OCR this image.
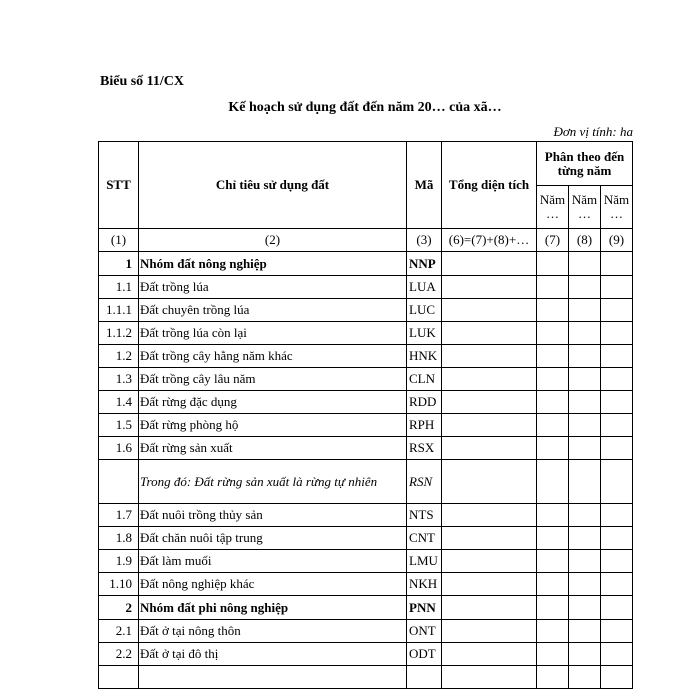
Biểu số 11/CX
Kế hoạch sử dụng đất đến năm 20… của xã…
Đơn vị tính: ha
STT	Chỉ tiêu sử dụng đất	Mã	Tổng diện tích	Phân theo đến từng năm		
				Năm …	Năm …	Năm …
(1)	(2)	(3)	(6)=(7)+(8)+…	(7)	(8)	(9)
1	Nhóm đất nông nghiệp	NNP				
1.1	Đất trồng lúa	LUA				
1.1.1	Đất chuyên trồng lúa	LUC				
1.1.2	Đất trồng lúa còn lại	LUK				
1.2	Đất trồng cây hằng năm khác	HNK				
1.3	Đất trồng cây lâu năm	CLN				
1.4	Đất rừng đặc dụng	RDD				
1.5	Đất rừng phòng hộ	RPH				
1.6	Đất rừng sản xuất	RSX				
	Trong đó: Đất rừng sản xuất là rừng tự nhiên	RSN				
1.7	Đất nuôi trồng thủy sản	NTS				
1.8	Đất chăn nuôi tập trung	CNT				
1.9	Đất làm muối	LMU				
1.10	Đất nông nghiệp khác	NKH				
2	Nhóm đất phi nông nghiệp	PNN				
2.1	Đất ở tại nông thôn	ONT				
2.2	Đất ở tại đô thị	ODT				
